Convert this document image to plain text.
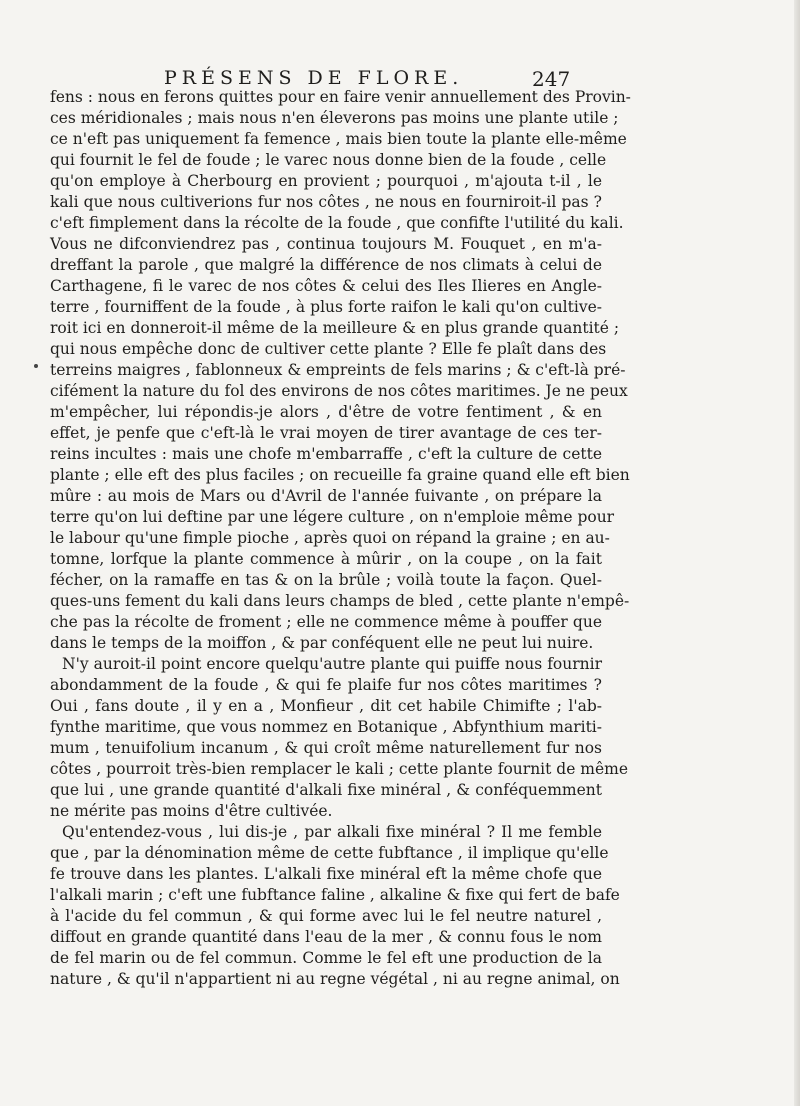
PRÉSENS DE FLORE.	247
fens : nous en ferons quittes pour en faire venir annuellement des Provin-
ces méridionales ; mais nous n'en éleverons pas moins une plante utile ;
ce n'eft pas uniquement fa femence , mais bien toute la plante elle-même
qui fournit le fel de foude ; le varec nous donne bien de la foude , celle
qu'on employe à Cherbourg en provient ; pourquoi , m'ajouta t-il , le
kali que nous cultiverions fur nos côtes , ne nous en fourniroit-il pas ?
c'eft fimplement dans la récolte de la foude , que confifte l'utilité du kali.
Vous ne difconviendrez pas , continua toujours M. Fouquet , en m'a-
dreffant la parole , que malgré la différence de nos climats à celui de
Carthagene, fi le varec de nos côtes & celui des Iles Ilieres en Angle-
terre , fourniffent de la foude , à plus forte raifon le kali qu'on cultive-
roit ici en donneroit-il même de la meilleure & en plus grande quantité ;
qui nous empêche donc de cultiver cette plante ? Elle fe plaît dans des
terreins maigres , fablonneux & empreints de fels marins ; & c'eft-là pré-
cifément la nature du fol des environs de nos côtes maritimes. Je ne peux
m'empêcher, lui répondis-je alors , d'être de votre fentiment , & en
effet, je penfe que c'eft-là le vrai moyen de tirer avantage de ces ter-
reins incultes : mais une chofe m'embarraffe , c'eft la culture de cette
plante ; elle eft des plus faciles ; on recueille fa graine quand elle eft bien
mûre : au mois de Mars ou d'Avril de l'année fuivante , on prépare la
terre qu'on lui deftine par une légere culture , on n'emploie même pour
le labour qu'une fimple pioche , après quoi on répand la graine ; en au-
tomne, lorfque la plante commence à mûrir , on la coupe , on la fait
fécher, on la ramaffe en tas & on la brûle ; voilà toute la façon. Quel-
ques-uns fement du kali dans leurs champs de bled , cette plante n'empê-
che pas la récolte de froment ; elle ne commence même à pouffer que
dans le temps de la moiffon , & par conféquent elle ne peut lui nuire.
N'y auroit-il point encore quelqu'autre plante qui puiffe nous fournir
abondamment de la foude , & qui fe plaife fur nos côtes maritimes ?
Oui , fans doute , il y en a , Monfieur , dit cet habile Chimifte ; l'ab-
fynthe maritime, que vous nommez en Botanique , Abfynthium mariti-
mum , tenuifolium incanum , & qui croît même naturellement fur nos
côtes , pourroit très-bien remplacer le kali ; cette plante fournit de même
que lui , une grande quantité d'alkali fixe minéral , & conféquemment
ne mérite pas moins d'être cultivée.
Qu'entendez-vous , lui dis-je , par alkali fixe minéral ? Il me femble
que , par la dénomination même de cette fubftance , il implique qu'elle
fe trouve dans les plantes. L'alkali fixe minéral eft la même chofe que
l'alkali marin ; c'eft une fubftance faline , alkaline & fixe qui fert de bafe
à l'acide du fel commun , & qui forme avec lui le fel neutre naturel ,
diffout en grande quantité dans l'eau de la mer , & connu fous le nom
de fel marin ou de fel commun. Comme le fel eft une production de la
nature , & qu'il n'appartient ni au regne végétal , ni au regne animal, on
